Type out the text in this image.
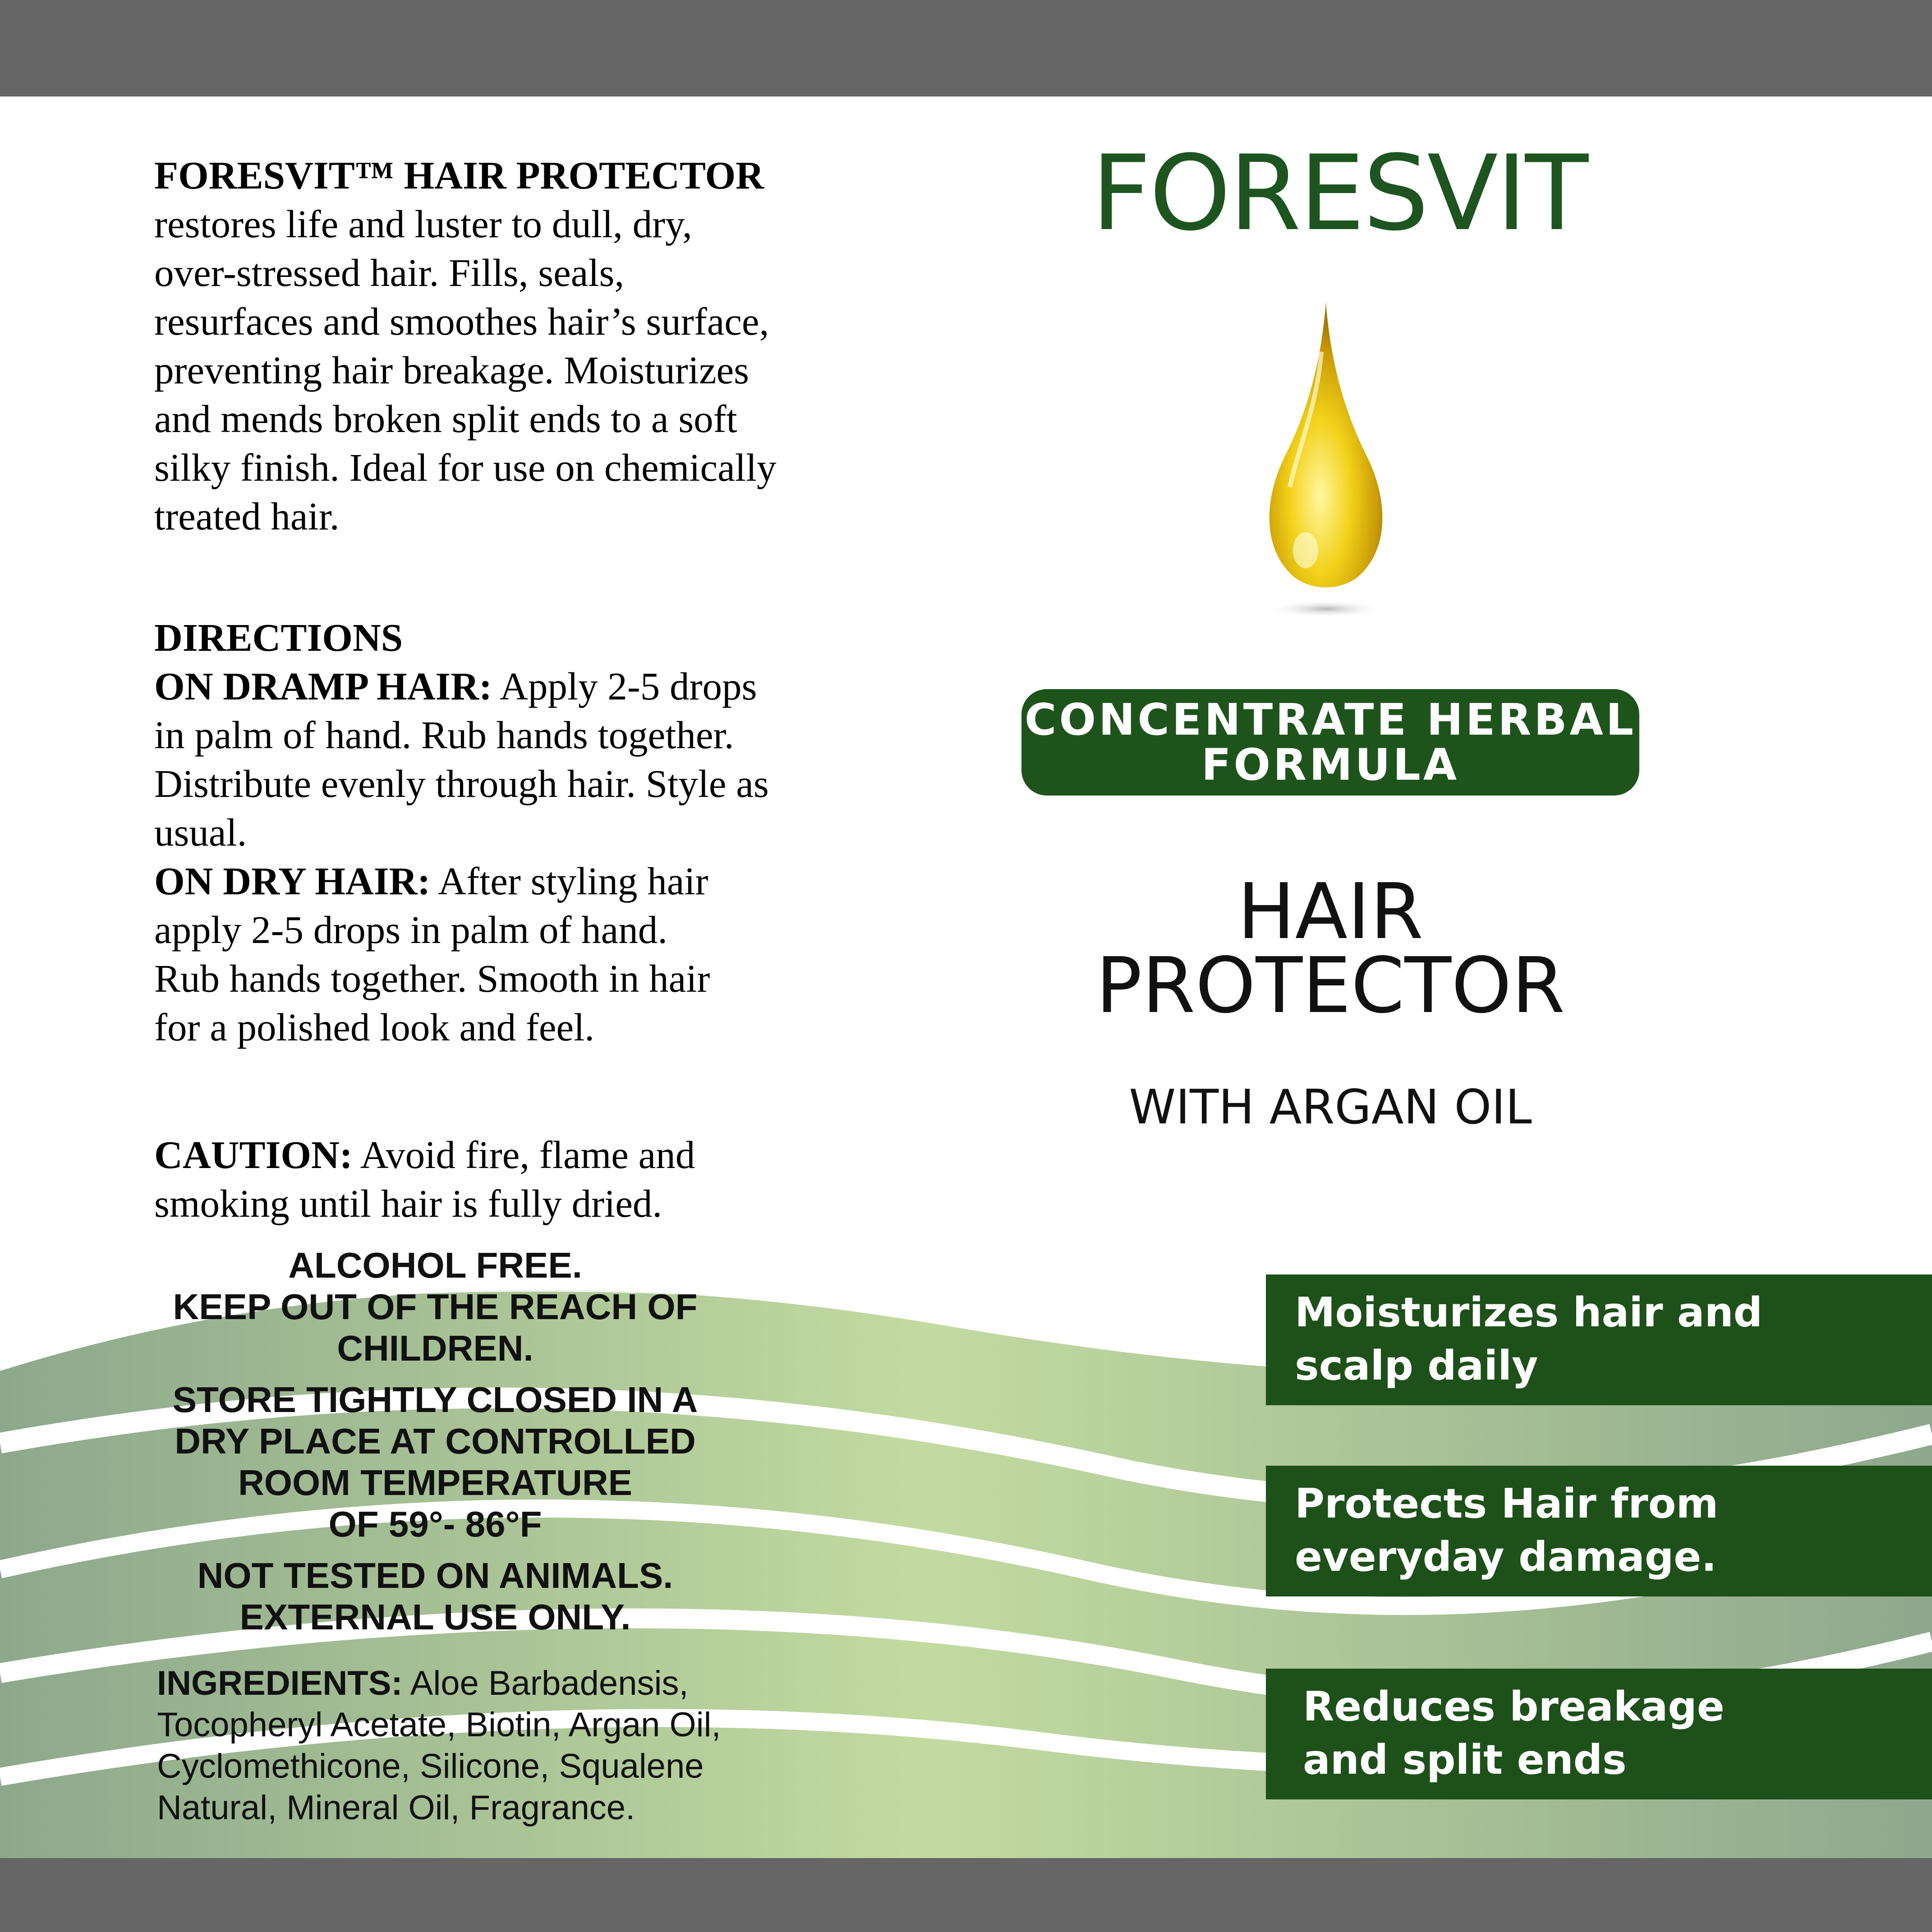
FORESVIT™ HAIR PROTECTOR

restores life and luster to dull, dry, over-stressed hair. Fills, seals, resurfaces and smoothes hair’s surface, preventing hair breakage. Moisturizes and mends broken split ends to a soft silky finish. Ideal for use on chemically treated hair.

DIRECTIONS

ON DRAMP HAIR: Apply 2-5 drops in palm of hand. Rub hands together. Distribute evenly through hair. Style as usual.

ON DRY HAIR: After styling hair apply 2-5 drops in palm of hand. Rub hands together. Smooth in hair for a polished look and feel.

CAUTION: Avoid fire, flame and smoking until hair is fully dried.

ALCOHOL FREE.
KEEP OUT OF THE REACH OF CHILDREN.
STORE TIGHTLY CLOSED IN A DRY PLACE AT CONTROLLED ROOM TEMPERATURE
OF 59°- 86°F
NOT TESTED ON ANIMALS.
EXTERNAL USE ONLY.
INGREDIENTS: Aloe Barbadensis, Tocopheryl Acetate, Biotin, Argan Oil, Cyclomethicone, Silicone, Squalene Natural, Mineral Oil, Fragrance.
FORESVIT
CONCENTRATE HERBAL
FORMULA
HAIR
PROTECTOR
WITH ARGAN OIL
Moisturizes hair and
scalp daily
Protects Hair from
everyday damage.
Reduces breakage
and split ends
